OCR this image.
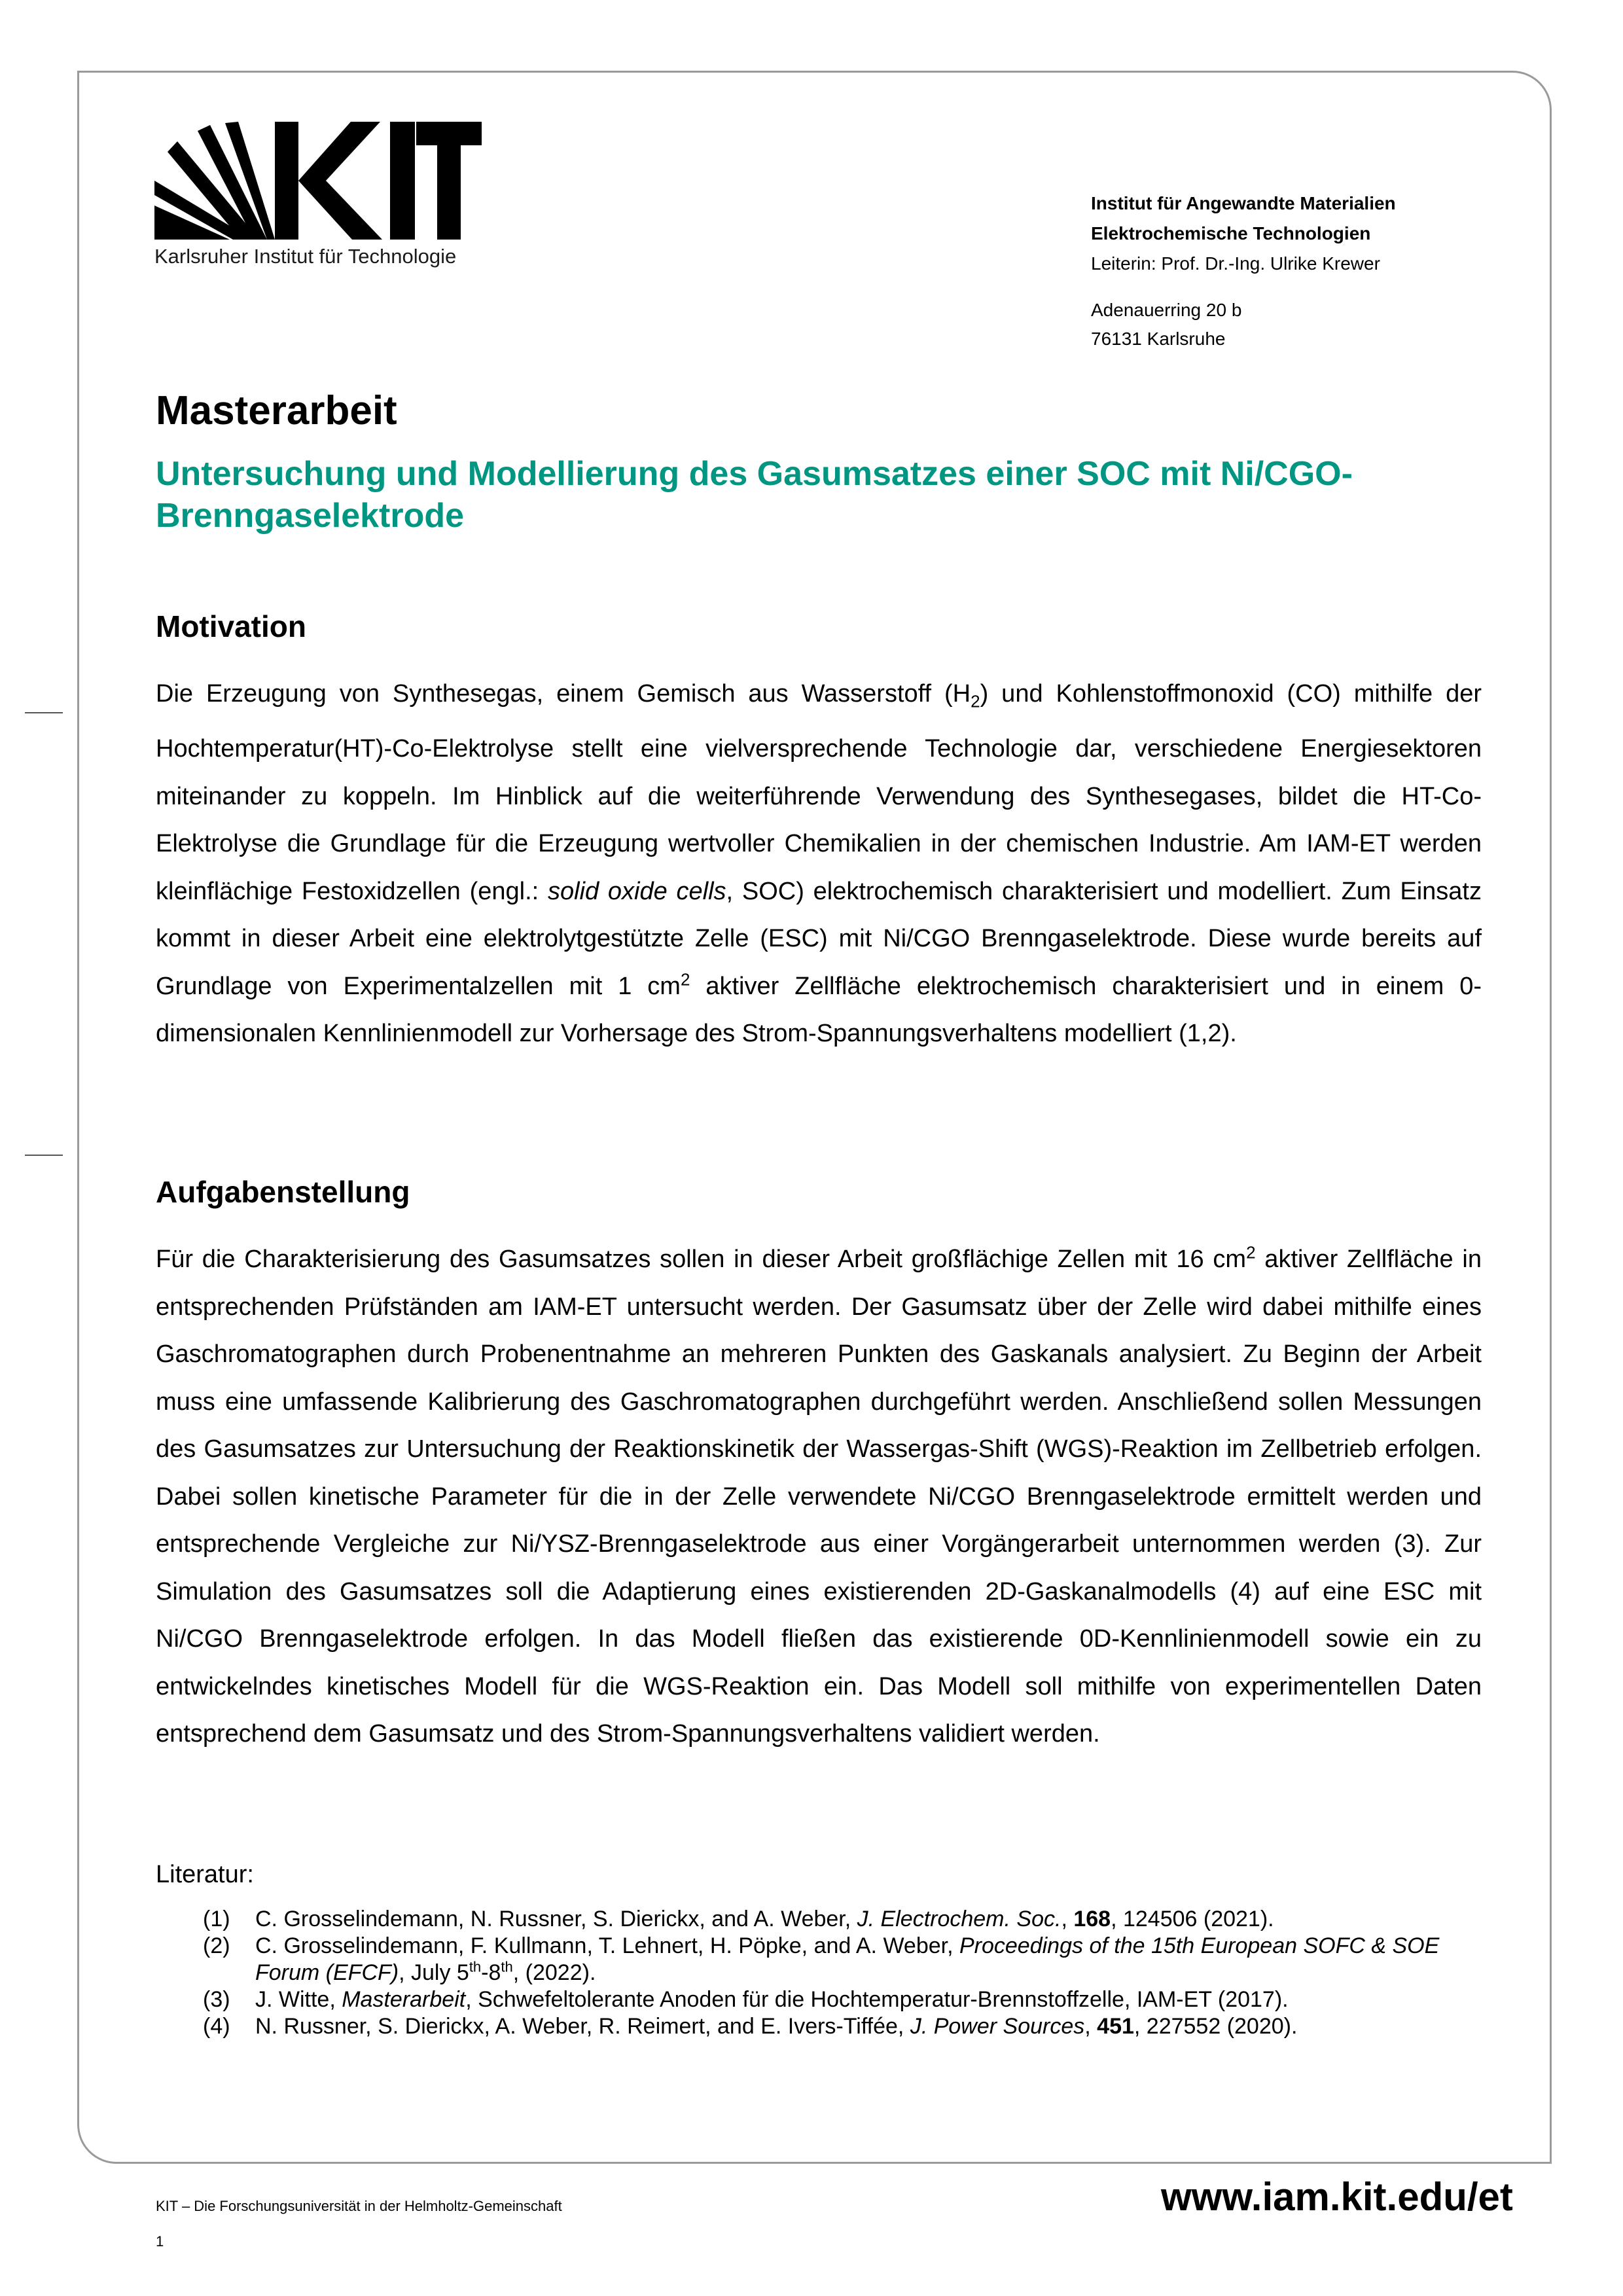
Karlsruher Institut für Technologie
Institut für Angewandte Materialien
Elektrochemische Technologien
Leiterin: Prof. Dr.-Ing. Ulrike Krewer
Adenauerring 20 b
76131 Karlsruhe
Masterarbeit
Untersuchung und Modellierung des Gasumsatzes einer SOC mit Ni/CGO-Brenngaselektrode
Motivation

Die Erzeugung von Synthesegas, einem Gemisch aus Wasserstoff $(H_2)$ und Kohlenstoffmonoxid (CO) mithilfe der Hochtemperatur(HT)-Co-Elektrolyse stellt eine vielversprechende Technologie dar, verschiedene Energiesektoren miteinander zu koppeln. Im Hinblick auf die weiterführende Verwendung des Synthesegases, bildet die HT-Co-Elektrolyse die Grundlage für die Erzeugung wertvoller Chemikalien in der chemischen Industrie. Am IAM-ET werden kleinflächige Festoxidzellen (engl.: solid oxide cells, SOC) elektrochemisch charakterisiert und modelliert. Zum Einsatz kommt in dieser Arbeit eine elektrolytgestützte Zelle (ESC) mit Ni/CGO Brenngaselektrode. Diese wurde bereits auf Grundlage von Experimentalzellen mit 1 $cm^2$ aktiver Zellfläche elektrochemisch charakterisiert und in einem 0-dimensionalen Kennlinienmodell zur Vorhersage des Strom-Spannungsverhaltens modelliert (1,2).

Aufgabenstellung

Für die Charakterisierung des Gasumsatzes sollen in dieser Arbeit großflächige Zellen mit 16 $cm^2$ aktiver Zellfläche in entsprechenden Prüfständen am IAM-ET untersucht werden. Der Gasumsatz über der Zelle wird dabei mithilfe eines Gaschromatographen durch Probenentnahme an mehreren Punkten des Gaskanals analysiert. Zu Beginn der Arbeit muss eine umfassende Kalibrierung des Gaschromatographen durchgeführt werden. Anschließend sollen Messungen des Gasumsatzes zur Untersuchung der Reaktionskinetik der Wassergas-Shift (WGS)-Reaktion im Zellbetrieb erfolgen. Dabei sollen kinetische Parameter für die in der Zelle verwendete Ni/CGO Brenngaselektrode ermittelt werden und entsprechende Vergleiche zur Ni/YSZ-Brenngaselektrode aus einer Vorgängerarbeit unternommen werden (3). Zur Simulation des Gasumsatzes soll die Adaptierung eines existierenden 2D-Gaskanalmodells (4) auf eine ESC mit Ni/CGO Brenngaselektrode erfolgen. In das Modell fließen das existierende 0D-Kennlinienmodell sowie ein zu entwickelndes kinetisches Modell für die WGS-Reaktion ein. Das Modell soll mithilfe von experimentellen Daten entsprechend dem Gasumsatz und des Strom-Spannungsverhaltens validiert werden.

Literatur:
(1) C. Grosselindemann, N. Russner, S. Dierickx, and A. Weber, J. Electrochem. Soc., 168, 124506 (2021).
(2) C. Grosselindemann, F. Kullmann, T. Lehnert, H. Pöpke, and A. Weber, Proceedings of the 15th European SOFC & SOE Forum (EFCF), July 5th-8th, (2022).
(3) J. Witte, Masterarbeit, Schwefeltolerante Anoden für die Hochtemperatur-Brennstoffzelle, IAM-ET (2017).
(4) N. Russner, S. Dierickx, A. Weber, R. Reimert, and E. Ivers-Tiffée, J. Power Sources, 451, 227552 (2020).
KIT – Die Forschungsuniversität in der Helmholtz-Gemeinschaft
1
www.iam.kit.edu/et
